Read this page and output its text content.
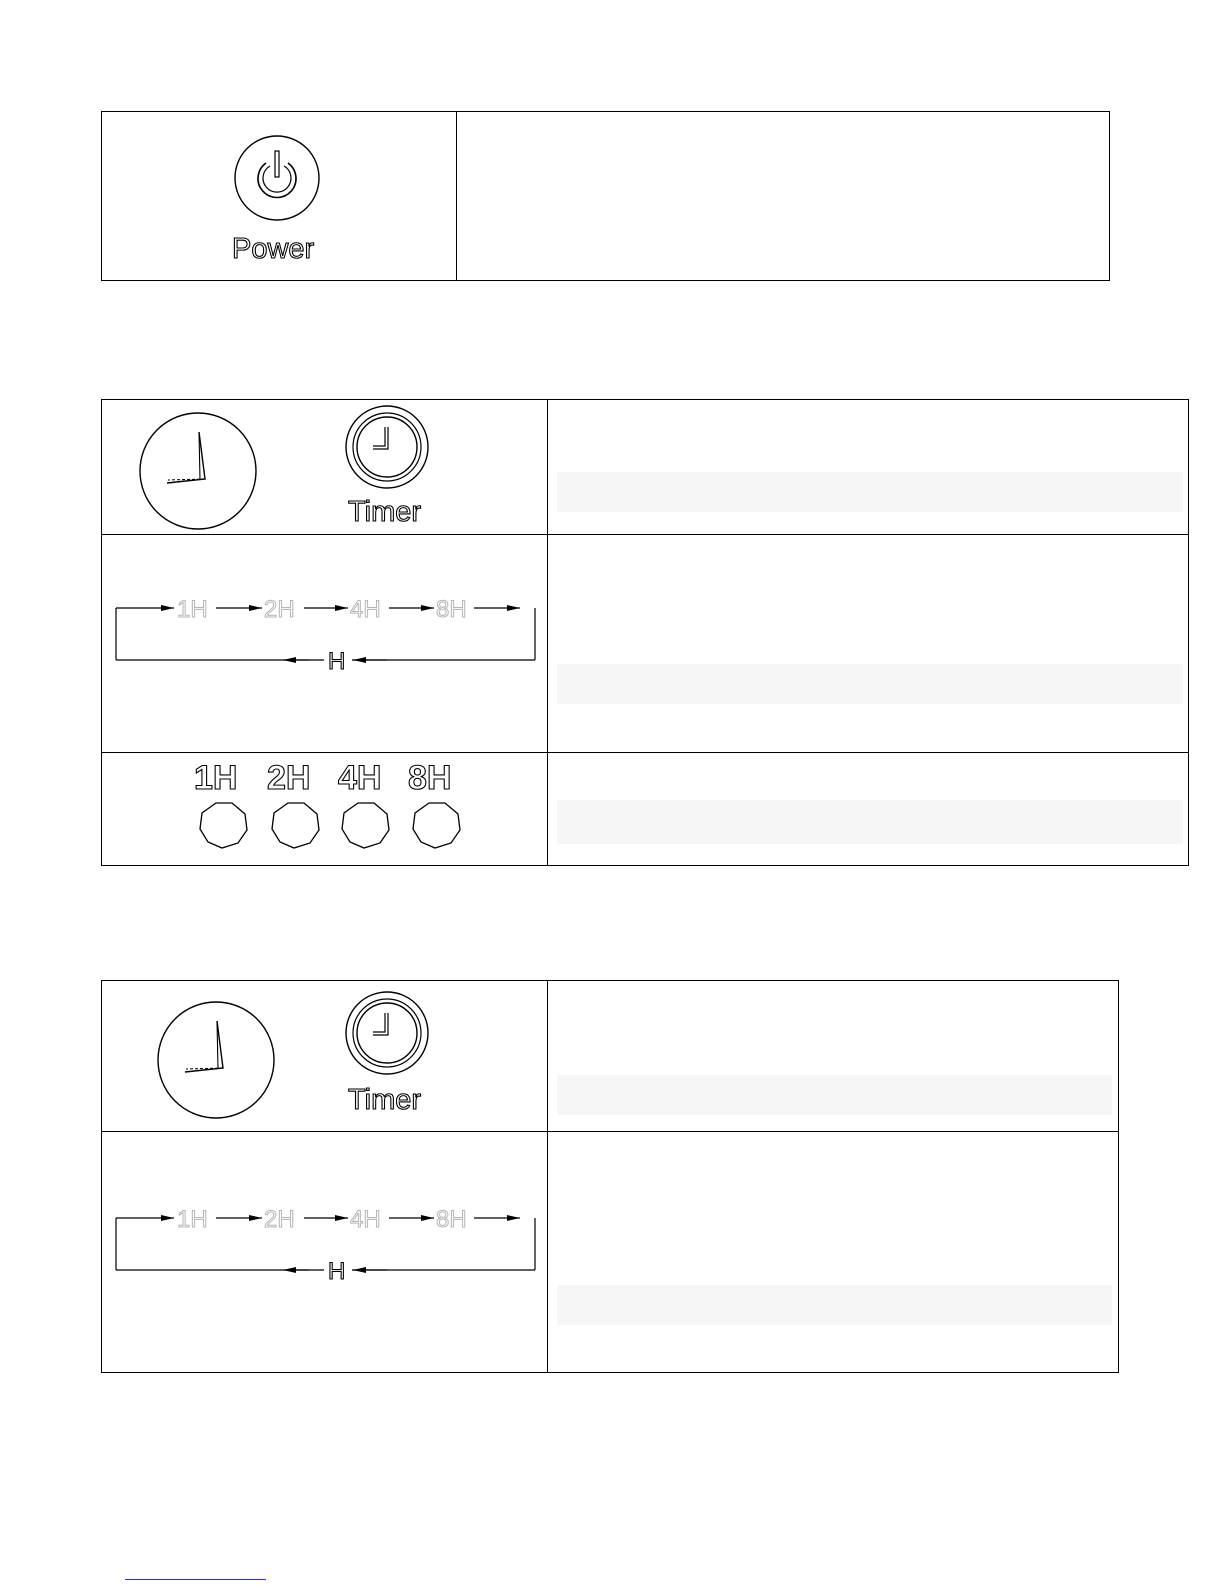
Power
Timer
1H 2H 4H 8H
H
1H 2H 4H 8H
Timer
1H 2H 4H 8H
H
